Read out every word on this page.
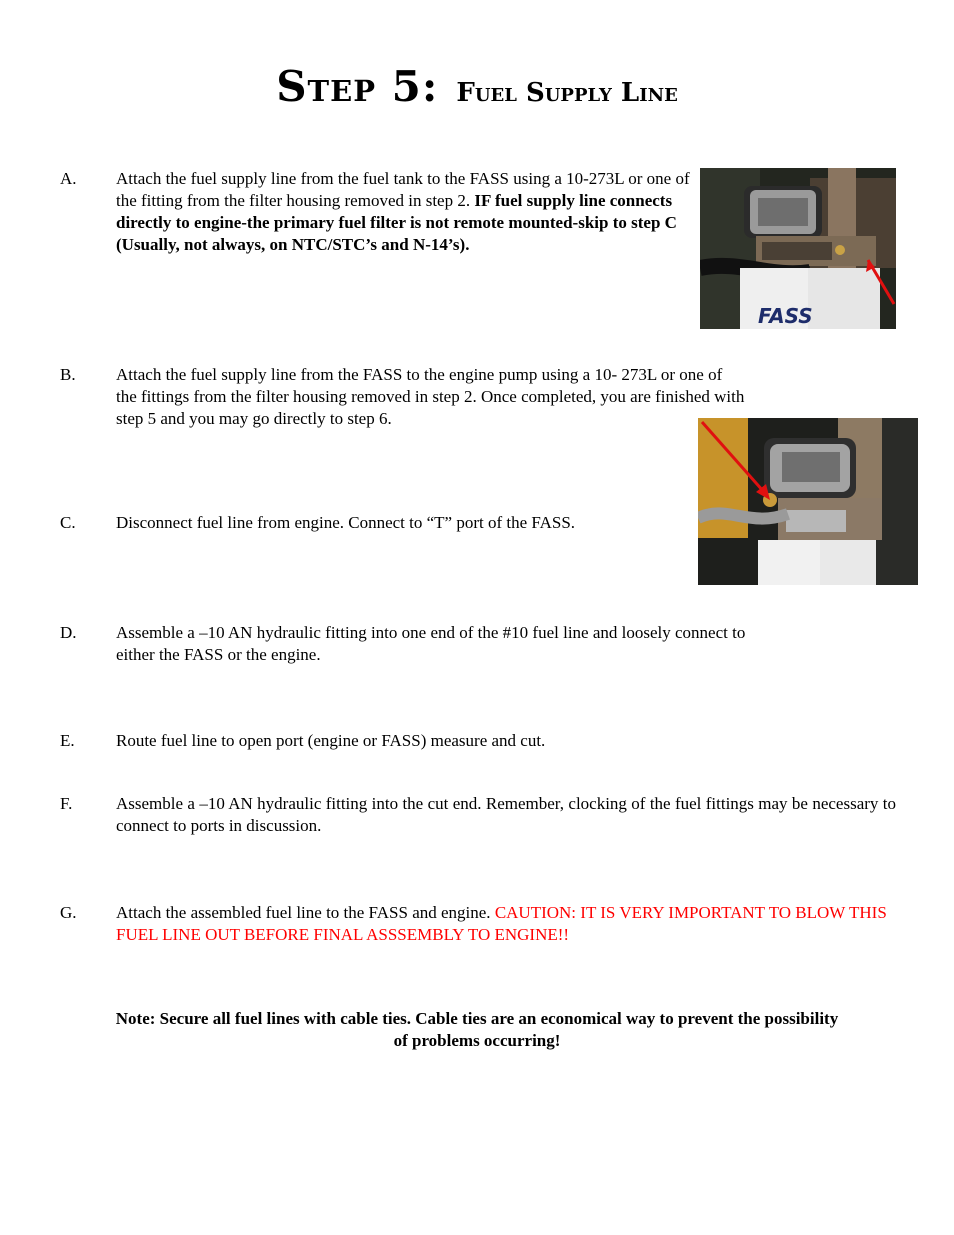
Step 5: Fuel Supply Line
A.	Attach the fuel supply line from the fuel tank to the FASS using a 10-273L or one of the fitting from the filter housing removed in step 2. IF fuel supply line connects directly to engine-the primary fuel filter is not remote mounted-skip to step C (Usually, not always, on NTC/STC’s and N-14’s).
FASS
B.	Attach the fuel supply line from the FASS to the engine pump using a 10- 273L or one of the fittings from the filter housing removed in step 2. Once completed, you are finished with step 5 and you may go directly to step 6.
C.	Disconnect fuel line from engine. Connect to “T” port of the FASS.
D.	Assemble a –10 AN hydraulic fitting into one end of the #10 fuel line and loosely connect to either the FASS or the engine.
E.	Route fuel line to open port (engine or FASS) measure and cut.
F.	Assemble a –10 AN hydraulic fitting into the cut end. Remember, clocking of the fuel fittings may be necessary to connect to ports in discussion.
G.	Attach the assembled fuel line to the FASS and engine. CAUTION: IT IS VERY IMPORTANT TO BLOW THIS FUEL LINE OUT BEFORE FINAL ASSSEMBLY TO ENGINE!!
Note: Secure all fuel lines with cable ties. Cable ties are an economical way to prevent the possibility of problems occurring!
